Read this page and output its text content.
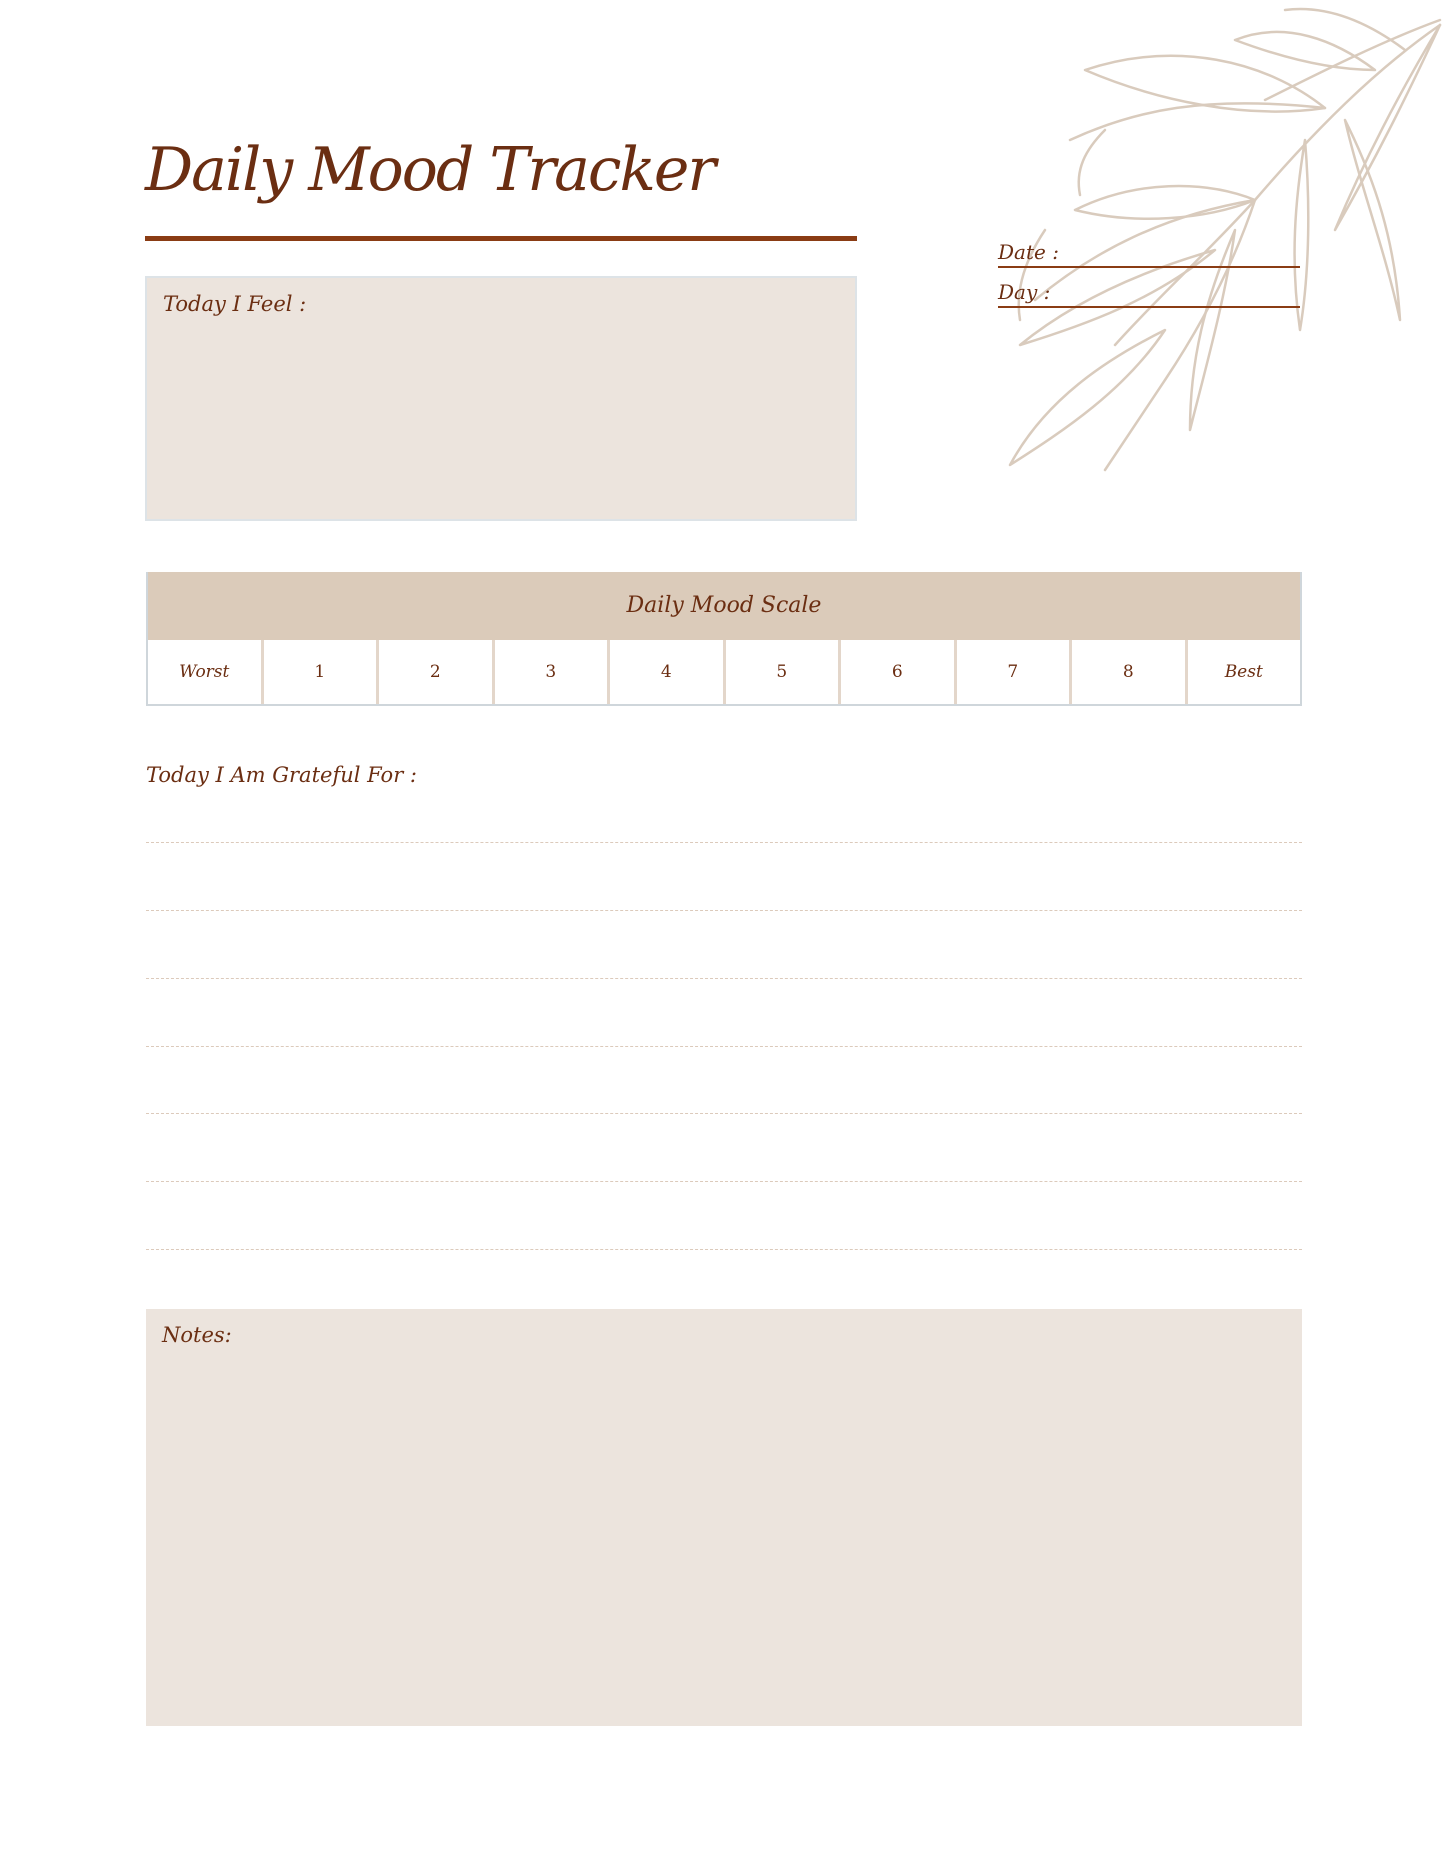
Daily Mood Tracker
Date :
Day :
Today I Feel :
Daily Mood Scale
Worst	1	2	3	4	5	6	7	8	Best
Today I Am Grateful For :
Notes:
